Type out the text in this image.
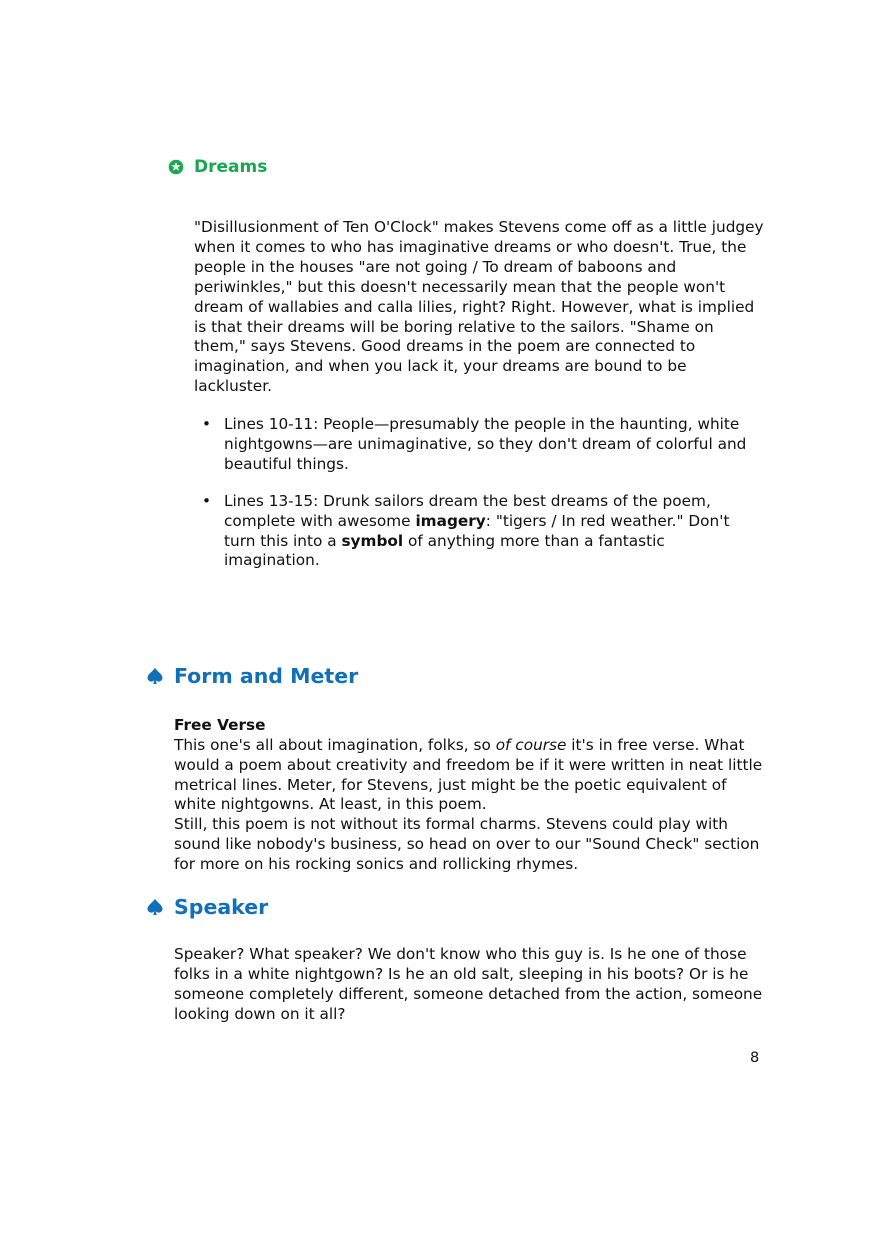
Dreams

"Disillusionment of Ten O'Clock" makes Stevens come off as a little judgey when it comes to who has imaginative dreams or who doesn't. True, the people in the houses "are not going / To dream of baboons and periwinkles," but this doesn't necessarily mean that the people won't dream of wallabies and calla lilies, right? Right. However, what is implied is that their dreams will be boring relative to the sailors. "Shame on them," says Stevens. Good dreams in the poem are connected to imagination, and when you lack it, your dreams are bound to be lackluster.

• Lines 10-11: People—presumably the people in the haunting, white nightgowns—are unimaginative, so they don't dream of colorful and beautiful things.
• Lines 13-15: Drunk sailors dream the best dreams of the poem, complete with awesome imagery: "tigers / In red weather." Don't turn this into a symbol of anything more than a fantastic imagination.
Form and Meter

Free Verse

This one's all about imagination, folks, so of course it's in free verse. What would a poem about creativity and freedom be if it were written in neat little metrical lines. Meter, for Stevens, just might be the poetic equivalent of white nightgowns. At least, in this poem.

Still, this poem is not without its formal charms. Stevens could play with sound like nobody's business, so head on over to our "Sound Check" section for more on his rocking sonics and rollicking rhymes.

Speaker

Speaker? What speaker? We don't know who this guy is. Is he one of those folks in a white nightgown? Is he an old salt, sleeping in his boots? Or is he someone completely different, someone detached from the action, someone looking down on it all?

8
